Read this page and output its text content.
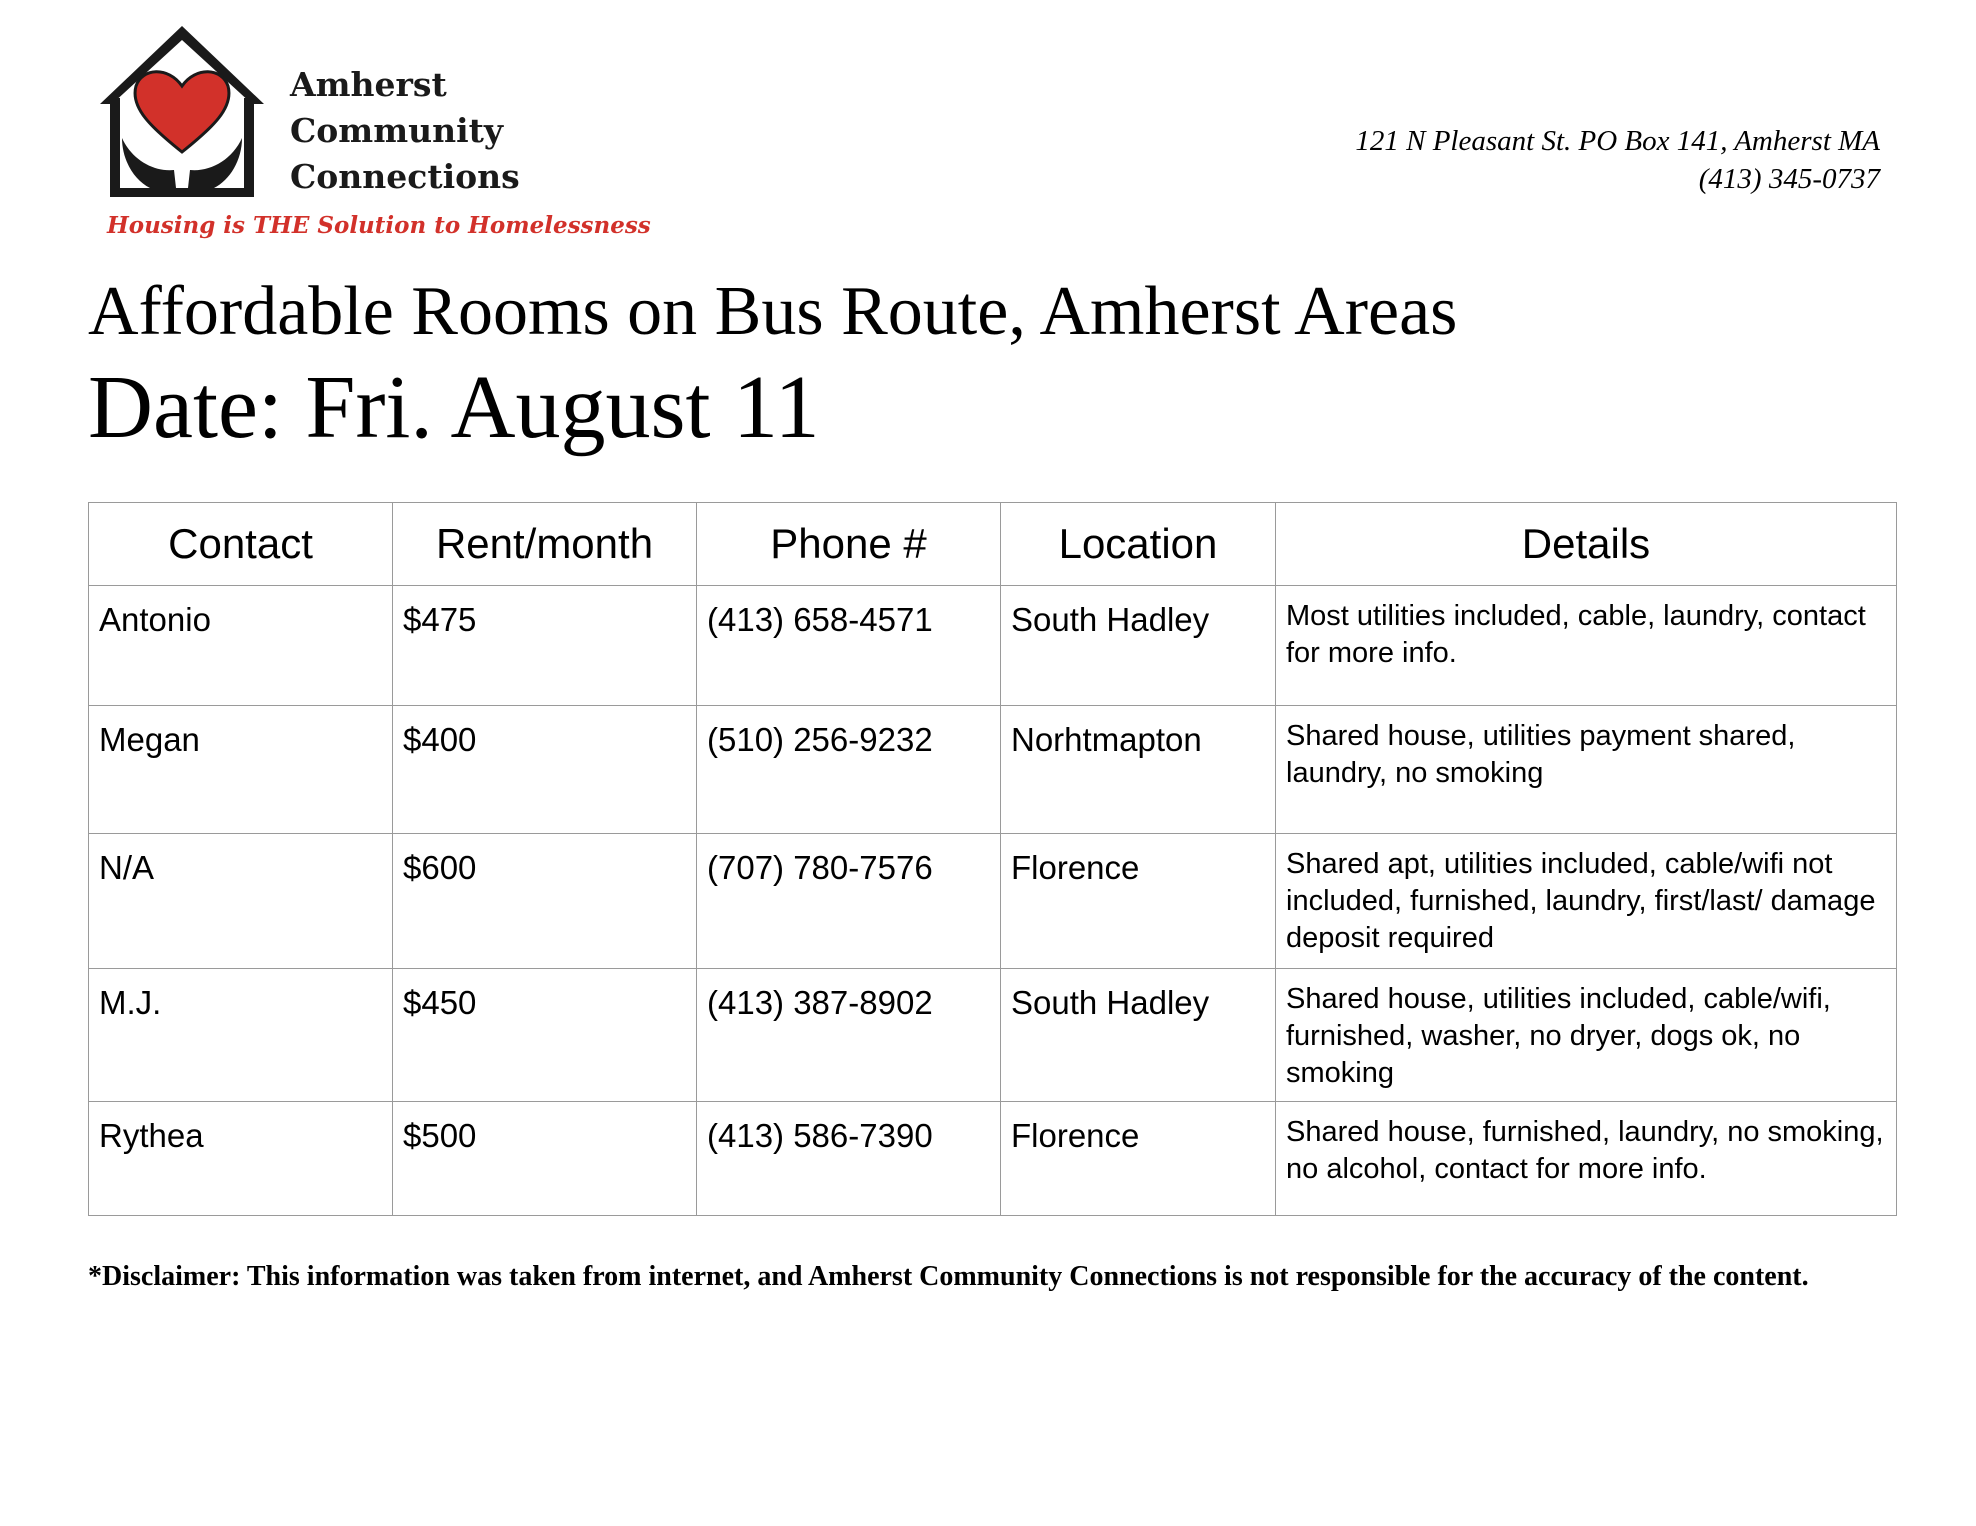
Amherst
Community
Connections
Housing is THE Solution to Homelessness
121 N Pleasant St. PO Box 141, Amherst MA
(413) 345-0737
Affordable Rooms on Bus Route, Amherst Areas
Date: Fri. August 11
Contact	Rent/month	Phone #	Location	Details
Antonio	$475	(413) 658-4571	South Hadley	Most utilities included, cable, laundry, contact for more info.
Megan	$400	(510) 256-9232	Norhtmapton	Shared house, utilities payment shared, laundry, no smoking
N/A	$600	(707) 780-7576	Florence	Shared apt, utilities included, cable/wifi not included, furnished, laundry, first/last/ damage deposit required
M.J.	$450	(413) 387-8902	South Hadley	Shared house, utilities included, cable/wifi, furnished, washer, no dryer, dogs ok, no smoking
Rythea	$500	(413) 586-7390	Florence	Shared house, furnished, laundry, no smoking, no alcohol, contact for more info.
*Disclaimer: This information was taken from internet, and Amherst Community Connections is not responsible for the accuracy of the content.
